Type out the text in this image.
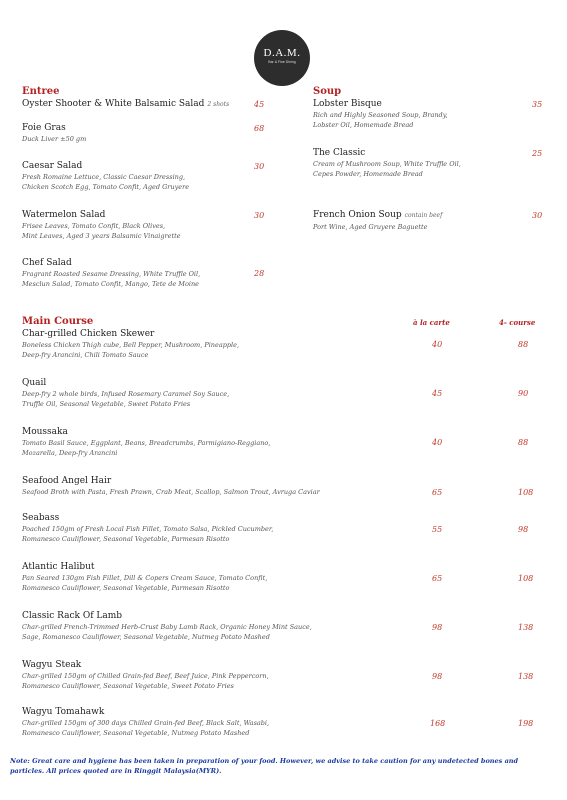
D.A.M.
Bar & Fine Dining
Entree
Oyster Shooter & White Balsamic Salad 2 shots	45
Foie Gras
Duck Liver ±50 gm
68
Caesar Salad
Fresh Romaine Lettuce, Classic Caesar Dressing,
Chicken Scotch Egg, Tomato Confit, Aged Gruyere
30
Watermelon Salad
Frisee Leaves, Tomato Confit, Black Olives,
Mint Leaves, Aged 3 years Balsamic Vinaigrette
30
Chef Salad
Fragrant Roasted Sesame Dressing, White Truffle Oil,
Mesclun Salad, Tomato Confit, Mango, Tete de Moine
28
Soup
Lobster Bisque
Rich and Highly Seasoned Soup, Brandy,
Lobster Oil, Homemade Bread
35
The Classic
Cream of Mushroom Soup, White Truffle Oil,
Cepes Powder, Homemade Bread
25
French Onion Soup contain beef
Port Wine, Aged Gruyere Baguette
30
Main Course	à la carte	4- course
Char-grilled Chicken Skewer
Boneless Chicken Thigh cube, Bell Pepper, Mushroom, Pineapple,
Deep-fry Arancini, Chili Tomato Sauce
40	88
Quail
Deep-fry 2 whole birds, Infused Rosemary Caramel Soy Sauce,
Truffle Oil, Seasonal Vegetable, Sweet Potato Fries
45	90
Moussaka
Tomato Basil Sauce, Eggplant, Beans, Breadcrumbs, Parmigiano-Reggiano,
Mozarella, Deep-fry Arancini
40	88
Seafood Angel Hair
Seafood Broth with Pasta, Fresh Prawn, Crab Meat, Scallop, Salmon Trout, Avruga Caviar	65	108
Seabass
Poached 150gm of Fresh Local Fish Fillet, Tomato Salsa, Pickled Cucumber,
Romanesco Cauliflower, Seasonal Vegetable, Parmesan Risotto
55	98
Atlantic Halibut
Pan Seared 130gm Fish Fillet, Dill & Copers Cream Sauce, Tomato Confit,
Romanesco Cauliflower, Seasonal Vegetable, Parmesan Risotto
65	108
Classic Rack Of Lamb
Char-grilled French-Trimmed Herb-Crust Baby Lamb Rack, Organic Honey Mint Sauce,
Sage, Romanesco Cauliflower, Seasonal Vegetable, Nutmeg Potato Mashed
98	138
Wagyu Steak
Char-grilled 150gm of Chilled Grain-fed Beef, Beef Juice, Pink Peppercorn,
Romanesco Cauliflower, Seasonal Vegetable, Sweet Potato Fries
98	138
Wagyu Tomahawk
Char-grilled 150gm of 300 days Chilled Grain-fed Beef, Black Salt, Wasabi,
Romanesco Cauliflower, Seasonal Vegetable, Nutmeg Potato Mashed
168	198
Note: Great care and hygiene has been taken in preparation of your food. However, we advise to take caution for any undetected bones and
particles. All prices quoted are in Ringgit Malaysia(MYR).
